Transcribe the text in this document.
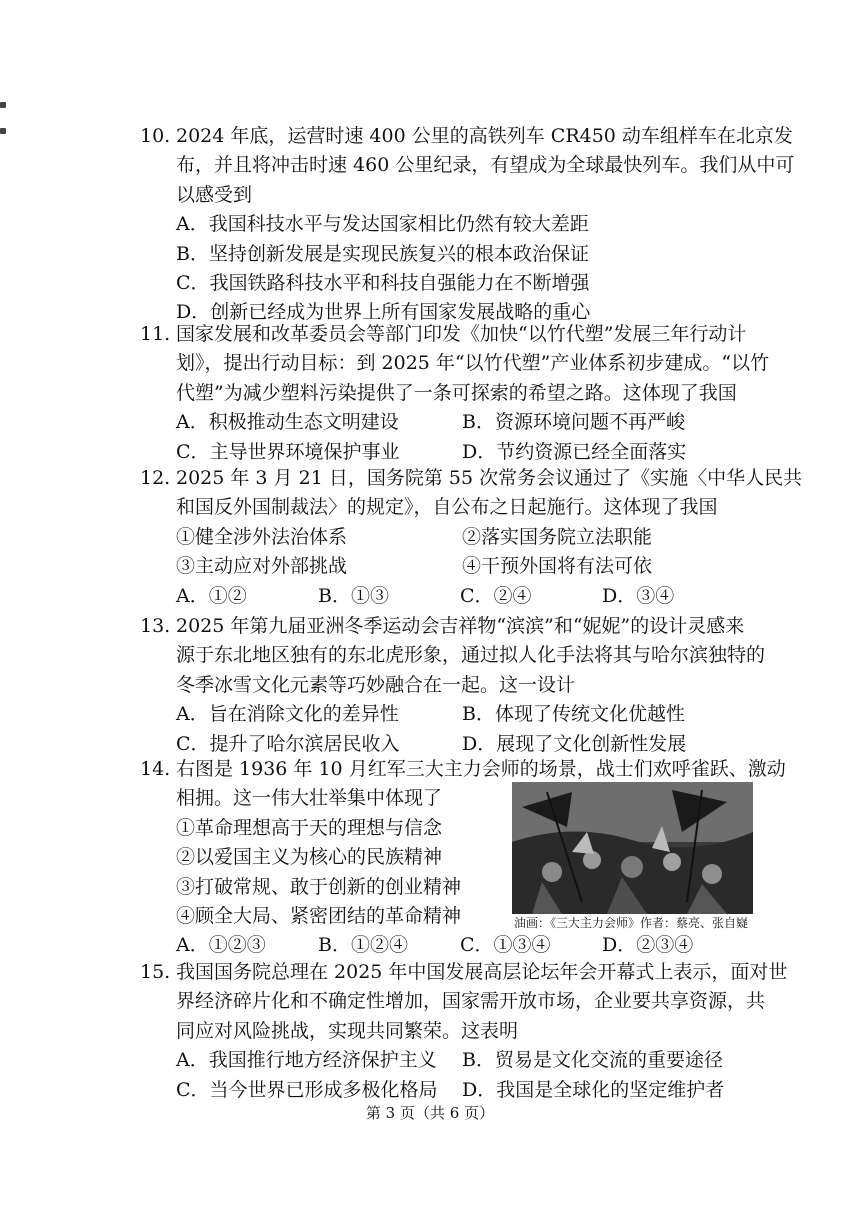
10. 2024 年底，运营时速 400 公里的高铁列车 CR450 动车组样车在北京发
布，并且将冲击时速 460 公里纪录，有望成为全球最快列车。我们从中可
以感受到
A．我国科技水平与发达国家相比仍然有较大差距
B．坚持创新发展是实现民族复兴的根本政治保证
C．我国铁路科技水平和科技自强能力在不断增强
D．创新已经成为世界上所有国家发展战略的重心
11. 国家发展和改革委员会等部门印发《加快“以竹代塑”发展三年行动计
划》，提出行动目标：到 2025 年“以竹代塑”产业体系初步建成。“以竹
代塑”为减少塑料污染提供了一条可探索的希望之路。这体现了我国
A．积极推动生态文明建设	B．资源环境问题不再严峻
C．主导世界环境保护事业	D．节约资源已经全面落实
12. 2025 年 3 月 21 日，国务院第 55 次常务会议通过了《实施〈中华人民共
和国反外国制裁法〉的规定》，自公布之日起施行。这体现了我国
①健全涉外法治体系	②落实国务院立法职能
③主动应对外部挑战	④干预外国将有法可依
A．①②	B．①③	C．②④	D．③④
13. 2025 年第九届亚洲冬季运动会吉祥物“滨滨”和“妮妮”的设计灵感来
源于东北地区独有的东北虎形象，通过拟人化手法将其与哈尔滨独特的
冬季冰雪文化元素等巧妙融合在一起。这一设计
A．旨在消除文化的差异性	B．体现了传统文化优越性
C．提升了哈尔滨居民收入	D．展现了文化创新性发展
14. 右图是 1936 年 10 月红军三大主力会师的场景，战士们欢呼雀跃、激动
相拥。这一伟大壮举集中体现了
①革命理想高于天的理想与信念
②以爱国主义为核心的民族精神
③打破常规、敢于创新的创业精神
④顾全大局、紧密团结的革命精神
A．①②③	B．①②④	C．①③④	D．②③④
油画：《三大主力会师》作者：蔡亮、张自嶷
15. 我国国务院总理在 2025 年中国发展高层论坛年会开幕式上表示，面对世
界经济碎片化和不确定性增加，国家需开放市场，企业要共享资源，共
同应对风险挑战，实现共同繁荣。这表明
A．我国推行地方经济保护主义	B．贸易是文化交流的重要途径
C．当今世界已形成多极化格局	D．我国是全球化的坚定维护者
第 3 页（共 6 页）
